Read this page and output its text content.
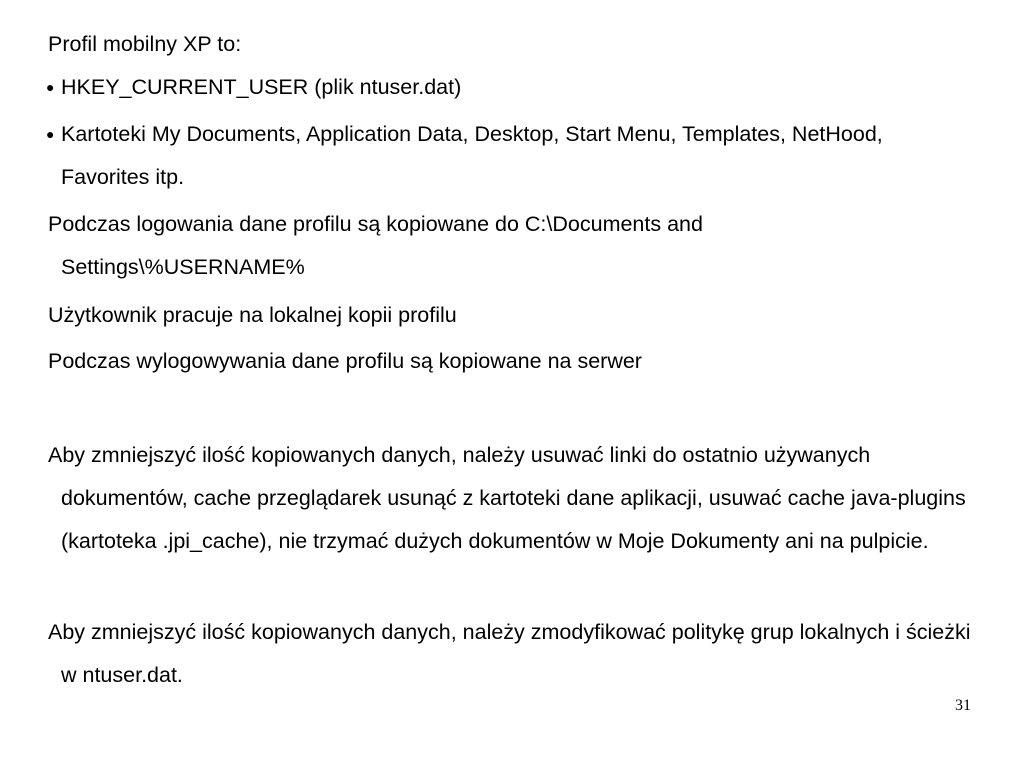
Profil mobilny XP to:
● HKEY_CURRENT_USER (plik ntuser.dat)
● Kartoteki My Documents, Application Data, Desktop, Start Menu, Templates, NetHood, Favorites itp.
Podczas logowania dane profilu są kopiowane do C:\Documents and Settings\%USERNAME%
Użytkownik pracuje na lokalnej kopii profilu
Podczas wylogowywania dane profilu są kopiowane na serwer
Aby zmniejszyć ilość kopiowanych danych, należy usuwać linki do ostatnio używanych dokumentów, cache przeglądarek usunąć z kartoteki dane aplikacji, usuwać cache java-plugins (kartoteka .jpi_cache), nie trzymać dużych dokumentów w Moje Dokumenty ani na pulpicie.
Aby zmniejszyć ilość kopiowanych danych, należy zmodyfikować politykę grup lokalnych i ścieżki w ntuser.dat.
31
